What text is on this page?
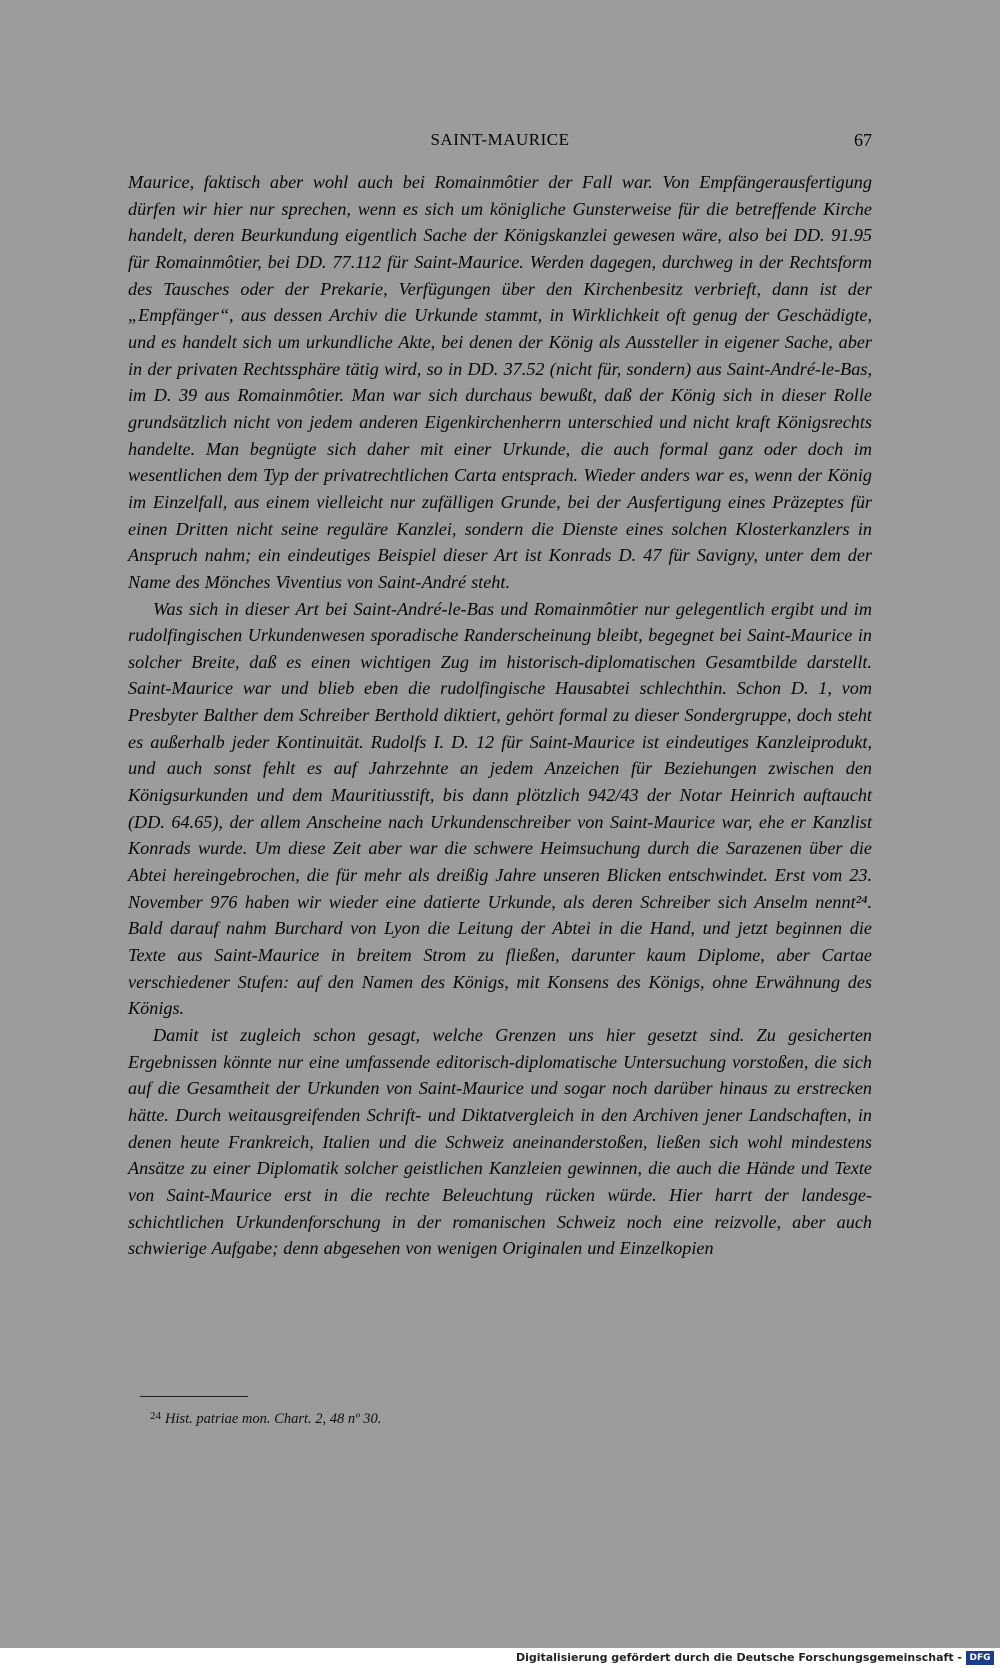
SAINT-MAURICE	67

Maurice, faktisch aber wohl auch bei Romainmôtier der Fall war. Von Empfängerausfertigung dürfen wir hier nur sprechen, wenn es sich um königliche Gunsterweise für die betreffende Kirche handelt, deren Beurkundung eigentlich Sache der Königskanzlei gewesen wäre, also bei DD. 91.95 für Romainmôtier, bei DD. 77.112 für Saint-Maurice. Werden dagegen, durchweg in der Rechtsform des Tausches oder der Prekarie, Verfügungen über den Kirchenbesitz verbrieft, dann ist der „Empfänger“, aus dessen Archiv die Urkunde stammt, in Wirklichkeit oft genug der Geschädigte, und es handelt sich um urkundliche Akte, bei denen der König als Aussteller in eigener Sache, aber in der privaten Rechtssphäre tätig wird, so in DD. 37.52 (nicht für, sondern) aus Saint-André-le-Bas, im D. 39 aus Romainmôtier. Man war sich durchaus bewußt, daß der König sich in dieser Rolle grundsätzlich nicht von jedem anderen Eigenkirchenherrn unterschied und nicht kraft Königsrechts handelte. Man begnügte sich daher mit einer Urkunde, die auch formal ganz oder doch im wesentlichen dem Typ der privatrechtlichen Carta entsprach. Wieder anders war es, wenn der König im Einzelfall, aus einem vielleicht nur zufälligen Grunde, bei der Ausfertigung eines Präzeptes für einen Dritten nicht seine reguläre Kanzlei, sondern die Dienste eines solchen Klosterkanzlers in Anspruch nahm; ein eindeutiges Beispiel dieser Art ist Konrads D. 47 für Savigny, unter dem der Name des Mönches Viventius von Saint-André steht.

Was sich in dieser Art bei Saint-André-le-Bas und Romainmôtier nur gelegentlich ergibt und im rudolfingischen Urkundenwesen sporadische Randerscheinung bleibt, begegnet bei Saint-Maurice in solcher Breite, daß es einen wichtigen Zug im historisch-diplomatischen Gesamtbilde darstellt. Saint-Maurice war und blieb eben die rudolfingische Hausabtei schlechthin. Schon D. 1, vom Presbyter Balther dem Schreiber Berthold diktiert, gehört formal zu dieser Sondergruppe, doch steht es außerhalb jeder Kontinuität. Rudolfs I. D. 12 für Saint-Maurice ist eindeutiges Kanzleiprodukt, und auch sonst fehlt es auf Jahrzehnte an jedem Anzeichen für Beziehungen zwischen den Königsurkunden und dem Mauritiusstift, bis dann plötzlich 942/43 der Notar Heinrich auftaucht (DD. 64.65), der allem Anscheine nach Urkundenschreiber von Saint-Maurice war, ehe er Kanzlist Konrads wurde. Um diese Zeit aber war die schwere Heimsuchung durch die Sarazenen über die Abtei hereingebrochen, die für mehr als dreißig Jahre unseren Blicken entschwindet. Erst vom 23. November 976 haben wir wieder eine datierte Urkunde, als deren Schreiber sich Anselm nennt²⁴. Bald darauf nahm Burchard von Lyon die Leitung der Abtei in die Hand, und jetzt beginnen die Texte aus Saint-Maurice in breitem Strom zu fließen, darunter kaum Diplome, aber Cartae verschiedener Stufen: auf den Namen des Königs, mit Konsens des Königs, ohne Erwähnung des Königs.

Damit ist zugleich schon gesagt, welche Grenzen uns hier gesetzt sind. Zu gesicherten Ergebnissen könnte nur eine umfassende editorisch-diplomatische Untersuchung vorstoßen, die sich auf die Gesamtheit der Urkunden von Saint-Maurice und sogar noch darüber hinaus zu erstrecken hätte. Durch weitausgreifenden Schrift- und Diktatvergleich in den Archiven jener Landschaften, in denen heute Frankreich, Italien und die Schweiz aneinanderstoßen, ließen sich wohl mindestens Ansätze zu einer Diplomatik solcher geistlichen Kanzleien gewinnen, die auch die Hände und Texte von Saint-Maurice erst in die rechte Beleuchtung rücken würde. Hier harrt der landesgeschichtlichen Urkundenforschung in der romanischen Schweiz noch eine reizvolle, aber auch schwierige Aufgabe; denn abgesehen von wenigen Originalen und Einzelkopien

$^{24}$ Hist. patriae mon. Chart. 2, 48 nº 30.
Digitalisierung gefördert durch die Deutsche Forschungsgemeinschaft - DFG
